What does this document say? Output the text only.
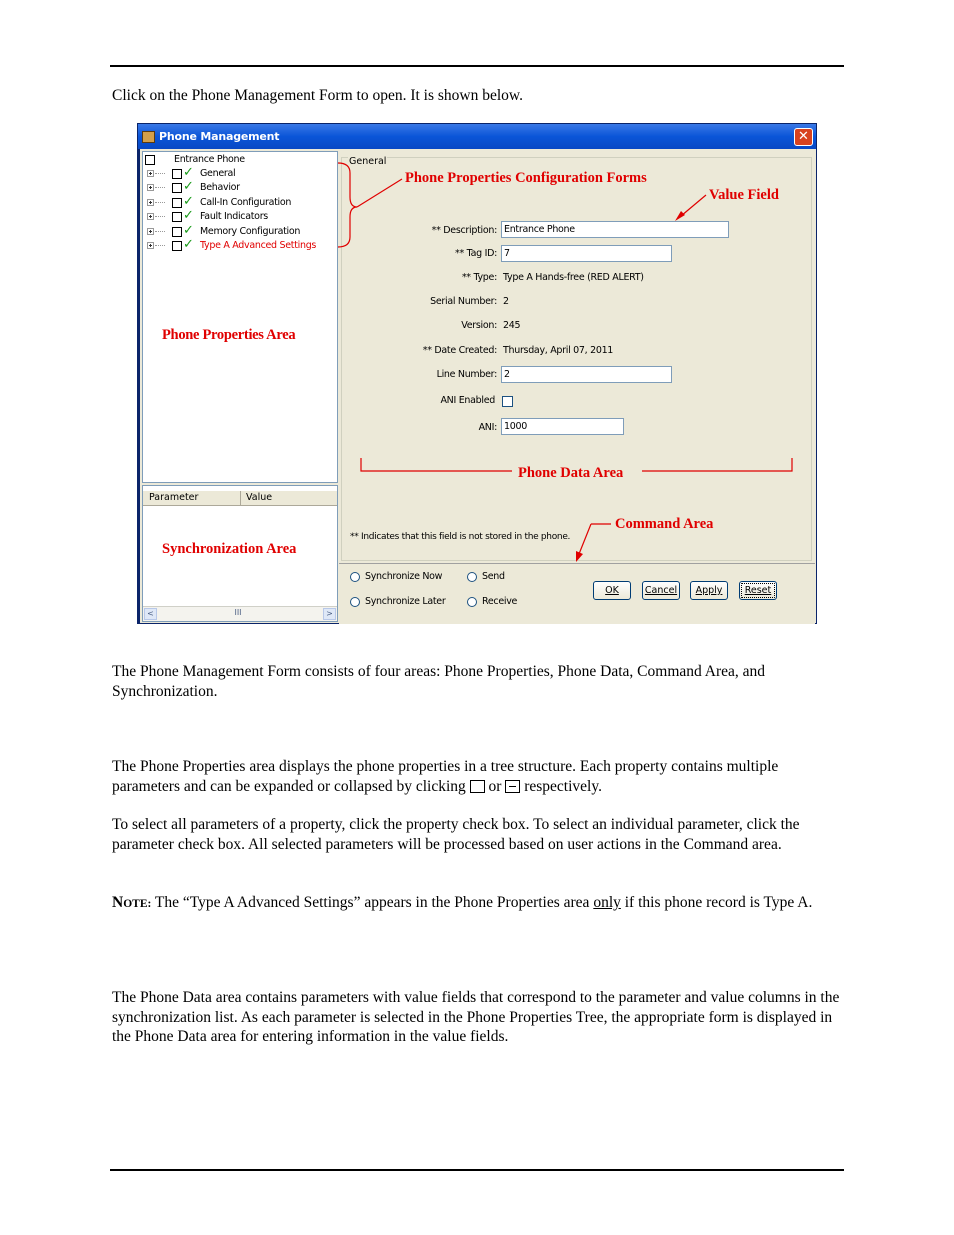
Click on the Phone Management Form to open. It is shown below.
Phone Management	✕
Entrance Phone
✓ General
✓ Behavior
✓ Call-In Configuration
✓ Fault Indicators
✓ Memory Configuration
✓ Type A Advanced Settings
Phone Properties Area
Parameter	Value
Synchronization Area
<	III	>
General
** Description: Entrance Phone
** Tag ID: 7
** Type: Type A Hands-free (RED ALERT)
Serial Number: 2
Version: 245
** Date Created: Thursday, April 07, 2011
Line Number: 2
ANI Enabled
ANI: 1000
** Indicates that this field is not stored in the phone.
Phone Properties Configuration Forms
Value Field
Phone Data Area
Command Area
Synchronize Now	Send
Synchronize Later	Receive
OK	Cancel	Apply	Reset
The Phone Management Form consists of four areas: Phone Properties, Phone Data, Command Area, and Synchronization.
The Phone Properties area displays the phone properties in a tree structure. Each property contains multiple parameters and can be expanded or collapsed by clicking or respectively.
To select all parameters of a property, click the property check box. To select an individual parameter, click the parameter check box. All selected parameters will be processed based on user actions in the Command area.
NOTE: The “Type A Advanced Settings” appears in the Phone Properties area only if this phone record is Type A.
The Phone Data area contains parameters with value fields that correspond to the parameter and value columns in the synchronization list. As each parameter is selected in the Phone Properties Tree, the appropriate form is displayed in the Phone Data area for entering information in the value fields.
